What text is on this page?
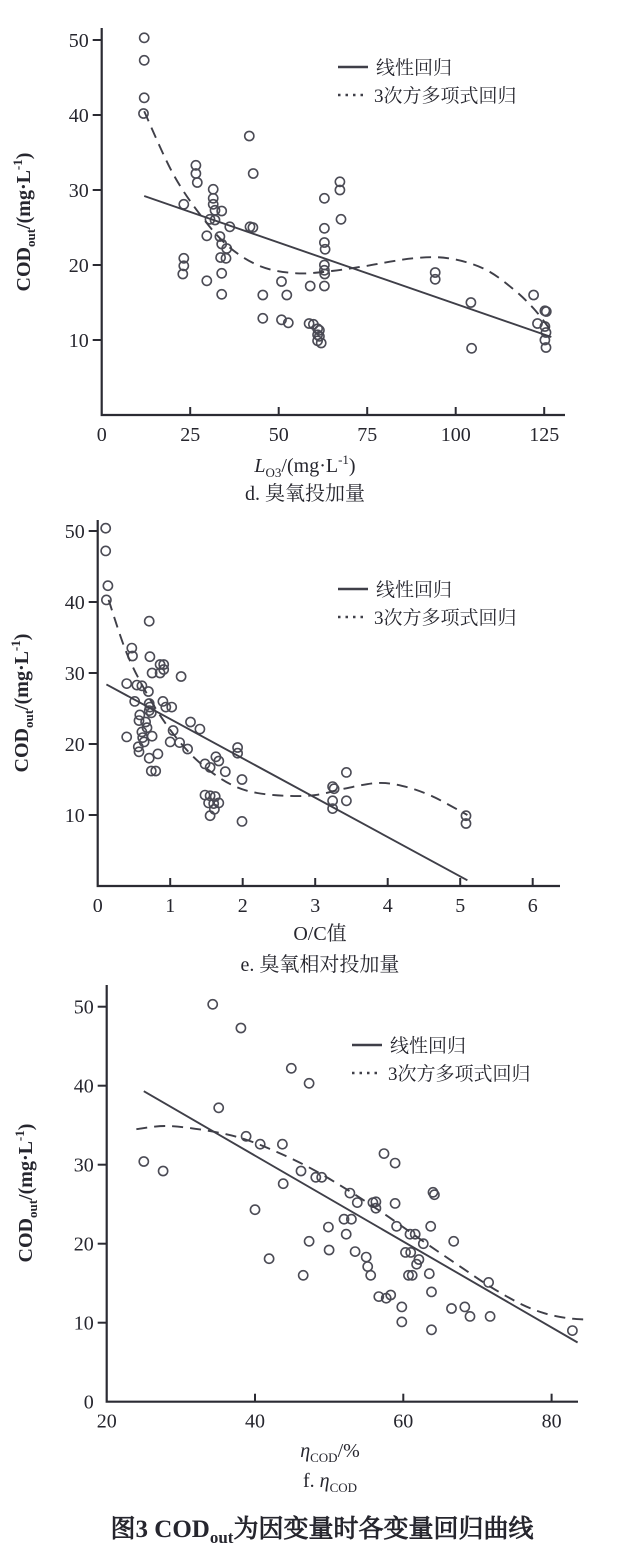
0	25	50	75	100	125
10
20
30
40
50
$L_{O3}/(mg\cdot L^{-1})$
$COD_{out}/(mg\cdot L^{-1})$
0	1	2	3	4	5	6
10
20
30
40
50
O/C值
$COD_{out}/(mg\cdot L^{-1})$
20	40	60	80
0
10
20
30
40
50
$\eta_{COD}/\%$
$COD_{out}/(mg\cdot L^{-1})$
线性回归
3次方多项式回归
线性回归
3次方多项式回归
线性回归
3次方多项式回归
d. 臭氧投加量
e. 臭氧相对投加量
f. $\eta_{COD}$
图3 $COD_{out}$为因变量时各变量回归曲线
